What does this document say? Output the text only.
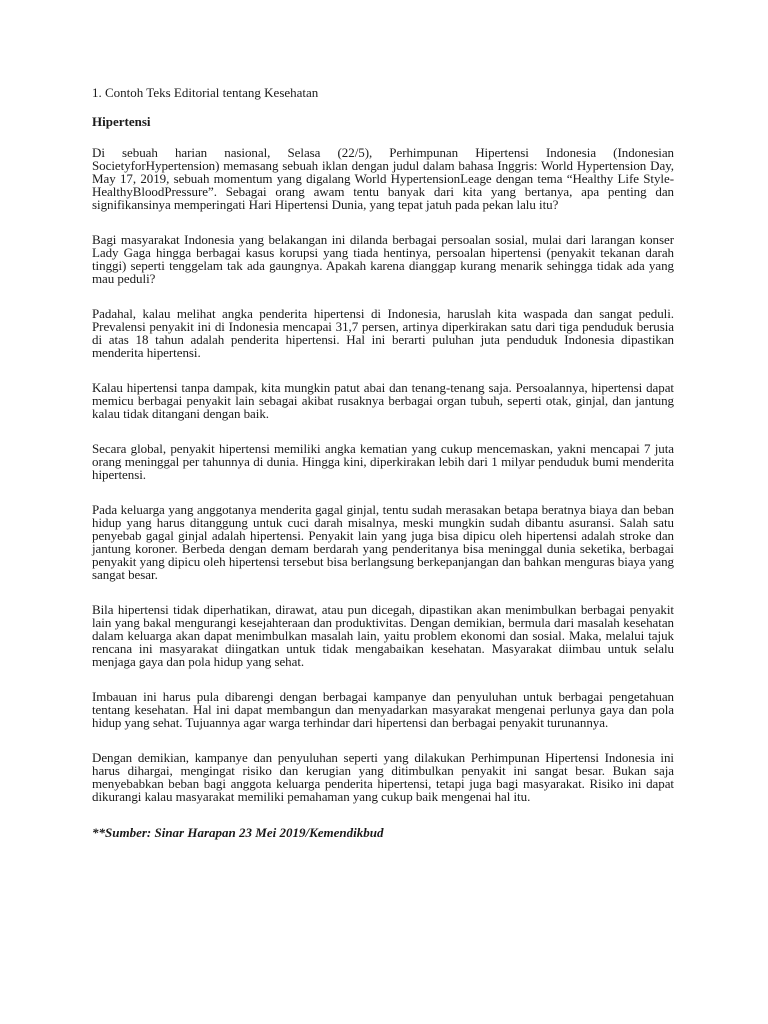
1. Contoh Teks Editorial tentang Kesehatan

Hipertensi

Di sebuah harian nasional, Selasa (22/5), Perhimpunan Hipertensi Indonesia (Indonesian SocietyforHypertension) memasang sebuah iklan dengan judul dalam bahasa Inggris: World Hypertension Day, May 17, 2019, sebuah momentum yang digalang World HypertensionLeage dengan tema “Healthy Life Style-HealthyBloodPressure”. Sebagai orang awam tentu banyak dari kita yang bertanya, apa penting dan signifikansinya memperingati Hari Hipertensi Dunia, yang tepat jatuh pada pekan lalu itu?

Bagi masyarakat Indonesia yang belakangan ini dilanda berbagai persoalan sosial, mulai dari larangan konser Lady Gaga hingga berbagai kasus korupsi yang tiada hentinya, persoalan hipertensi (penyakit tekanan darah tinggi) seperti tenggelam tak ada gaungnya. Apakah karena dianggap kurang menarik sehingga tidak ada yang mau peduli?

Padahal, kalau melihat angka penderita hipertensi di Indonesia, haruslah kita waspada dan sangat peduli. Prevalensi penyakit ini di Indonesia mencapai 31,7 persen, artinya diperkirakan satu dari tiga penduduk berusia di atas 18 tahun adalah penderita hipertensi. Hal ini berarti puluhan juta penduduk Indonesia dipastikan menderita hipertensi.

Kalau hipertensi tanpa dampak, kita mungkin patut abai dan tenang-tenang saja. Persoalannya, hipertensi dapat memicu berbagai penyakit lain sebagai akibat rusaknya berbagai organ tubuh, seperti otak, ginjal, dan jantung kalau tidak ditangani dengan baik.

Secara global, penyakit hipertensi memiliki angka kematian yang cukup mencemaskan, yakni mencapai 7 juta orang meninggal per tahunnya di dunia. Hingga kini, diperkirakan lebih dari 1 milyar penduduk bumi menderita hipertensi.

Pada keluarga yang anggotanya menderita gagal ginjal, tentu sudah merasakan betapa beratnya biaya dan beban hidup yang harus ditanggung untuk cuci darah misalnya, meski mungkin sudah dibantu asuransi. Salah satu penyebab gagal ginjal adalah hipertensi. Penyakit lain yang juga bisa dipicu oleh hipertensi adalah stroke dan jantung koroner. Berbeda dengan demam berdarah yang penderitanya bisa meninggal dunia seketika, berbagai penyakit yang dipicu oleh hipertensi tersebut bisa berlangsung berkepanjangan dan bahkan menguras biaya yang sangat besar.

Bila hipertensi tidak diperhatikan, dirawat, atau pun dicegah, dipastikan akan menimbulkan berbagai penyakit lain yang bakal mengurangi kesejahteraan dan produktivitas. Dengan demikian, bermula dari masalah kesehatan dalam keluarga akan dapat menimbulkan masalah lain, yaitu problem ekonomi dan sosial. Maka, melalui tajuk rencana ini masyarakat diingatkan untuk tidak mengabaikan kesehatan. Masyarakat diimbau untuk selalu menjaga gaya dan pola hidup yang sehat.

Imbauan ini harus pula dibarengi dengan berbagai kampanye dan penyuluhan untuk berbagai pengetahuan tentang kesehatan. Hal ini dapat membangun dan menyadarkan masyarakat mengenai perlunya gaya dan pola hidup yang sehat. Tujuannya agar warga terhindar dari hipertensi dan berbagai penyakit turunannya.

Dengan demikian, kampanye dan penyuluhan seperti yang dilakukan Perhimpunan Hipertensi Indonesia ini harus dihargai, mengingat risiko dan kerugian yang ditimbulkan penyakit ini sangat besar. Bukan saja menyebabkan beban bagi anggota keluarga penderita hipertensi, tetapi juga bagi masyarakat. Risiko ini dapat dikurangi kalau masyarakat memiliki pemahaman yang cukup baik mengenai hal itu.

**Sumber: Sinar Harapan 23 Mei 2019/Kemendikbud
